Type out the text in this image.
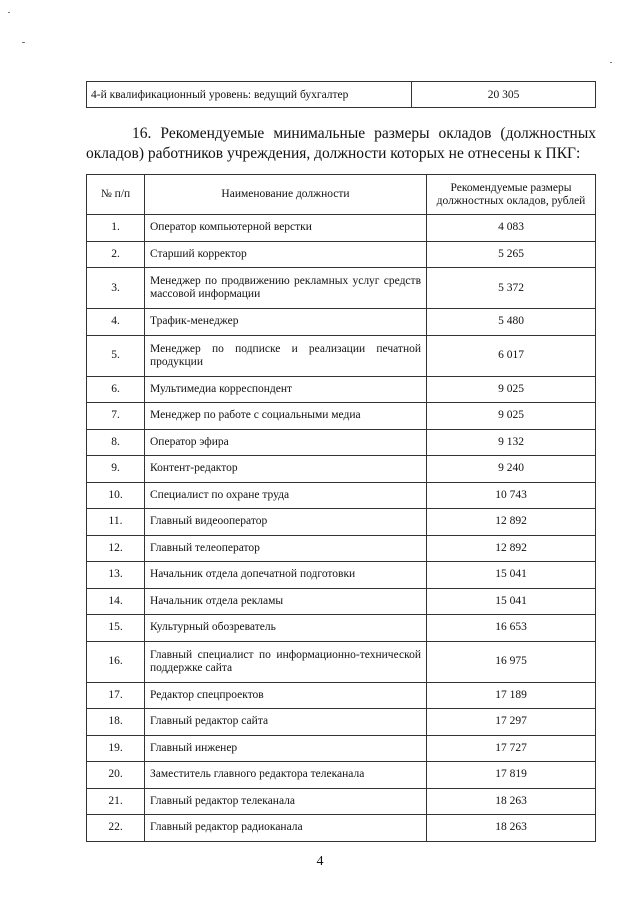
4-й квалификационный уровень: ведущий бухгалтер	20 305
16. Рекомендуемые минимальные размеры окладов (должностных окладов) работников учреждения, должности которых не отнесены к ПКГ:
№ п/п	Наименование должности	Рекомендуемые размеры должностных окладов, рублей
1.	Оператор компьютерной верстки	4 083
2.	Старший корректор	5 265
3.	Менеджер по продвижению рекламных услуг средств массовой информации	5 372
4.	Трафик-менеджер	5 480
5.	Менеджер по подписке и реализации печатной продукции	6 017
6.	Мультимедиа корреспондент	9 025
7.	Менеджер по работе с социальными медиа	9 025
8.	Оператор эфира	9 132
9.	Контент-редактор	9 240
10.	Специалист по охране труда	10 743
11.	Главный видеооператор	12 892
12.	Главный телеоператор	12 892
13.	Начальник отдела допечатной подготовки	15 041
14.	Начальник отдела рекламы	15 041
15.	Культурный обозреватель	16 653
16.	Главный специалист по информационно-технической поддержке сайта	16 975
17.	Редактор спецпроектов	17 189
18.	Главный редактор сайта	17 297
19.	Главный инженер	17 727
20.	Заместитель главного редактора телеканала	17 819
21.	Главный редактор телеканала	18 263
22.	Главный редактор радиоканала	18 263
4
